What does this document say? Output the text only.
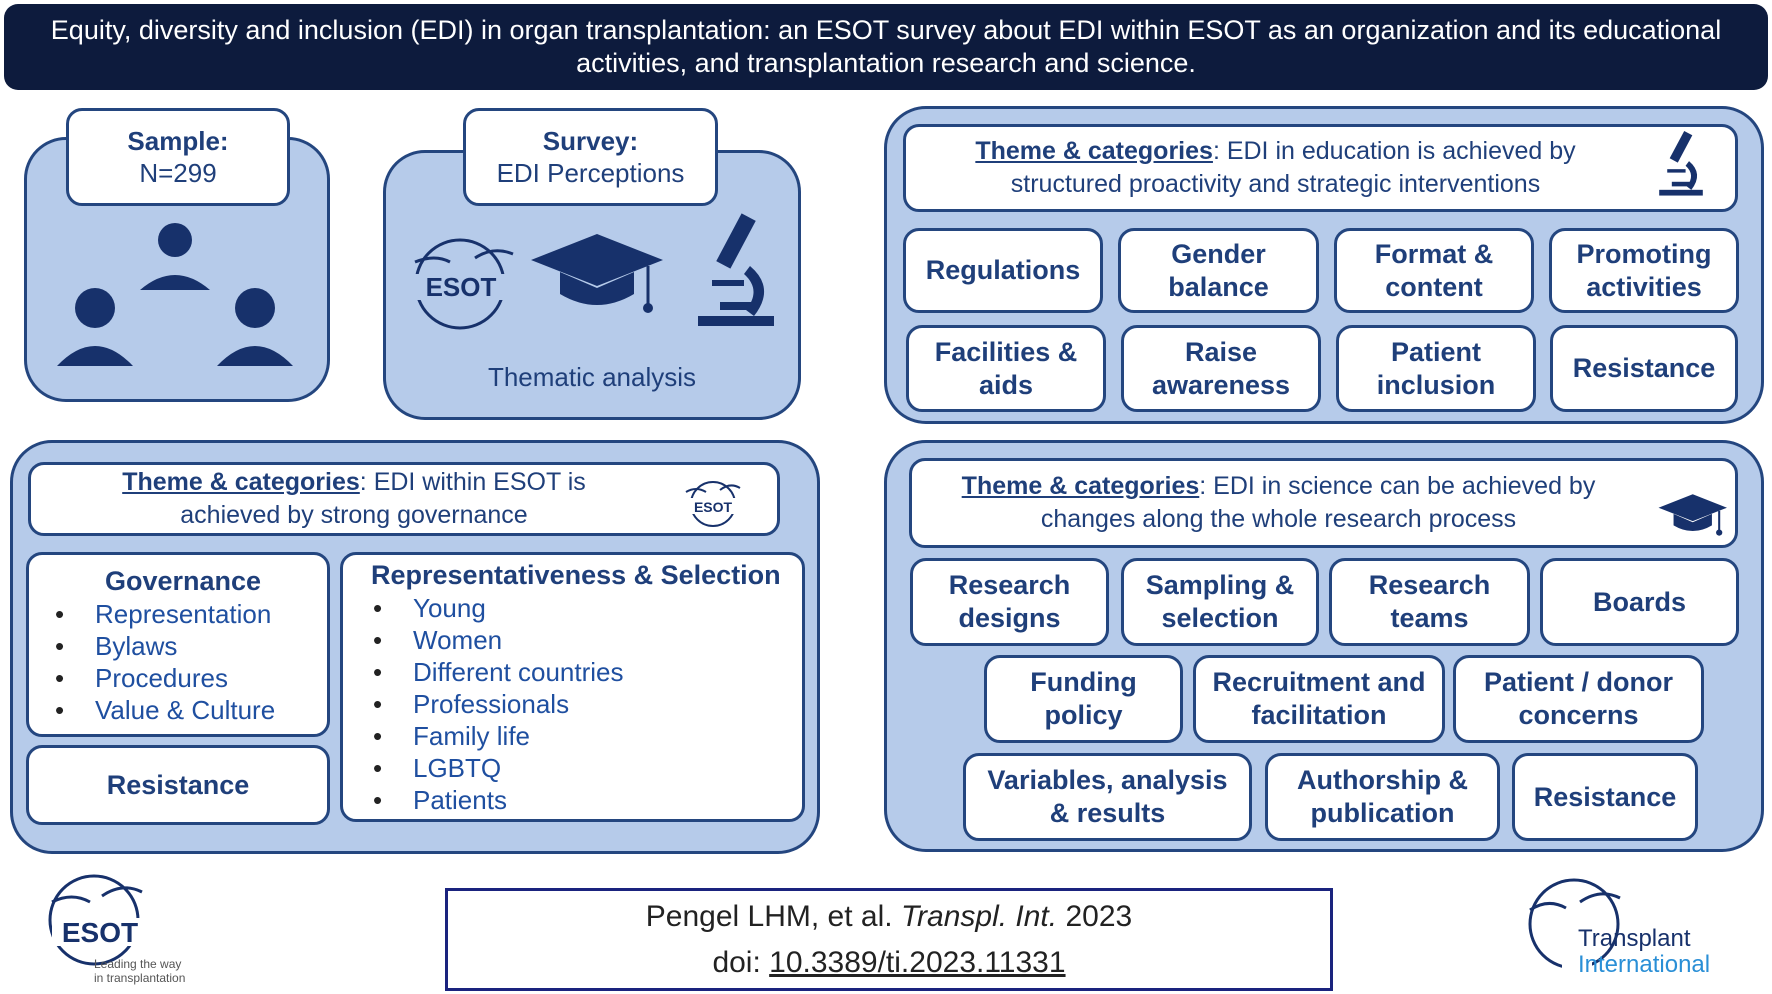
Equity, diversity and inclusion (EDI) in organ transplantation: an ESOT survey about EDI within ESOT as an organization and its educational
activities, and transplantation research and science.
Sample:
N=299
Survey:
EDI Perceptions
ESOT
Thematic analysis
Theme & categories: EDI in education is achieved by
structured proactivity and strategic interventions
Regulations
Gender
balance
Format &
content
Promoting
activities
Facilities &
aids
Raise
awareness
Patient
inclusion
Resistance
Theme & categories: EDI within ESOT is
achieved by strong governance	ESOT
Governance
• Representation
• Bylaws
• Procedures
• Value & Culture
Resistance
Representativeness & Selection
• Young
• Women
• Different countries
• Professionals
• Family life
• LGBTQ
• Patients
Theme & categories: EDI in science can be achieved by
changes along the whole research process
Research
designs
Sampling &
selection
Research
teams
Boards
Funding
policy
Recruitment and
facilitation
Patient / donor
concerns
Variables, analysis
& results
Authorship &
publication
Resistance
ESOT
Leading the way
in transplantation
Pengel LHM, et al. Transpl. Int. 2023
doi: 10.3389/ti.2023.11331
Transplant
International
